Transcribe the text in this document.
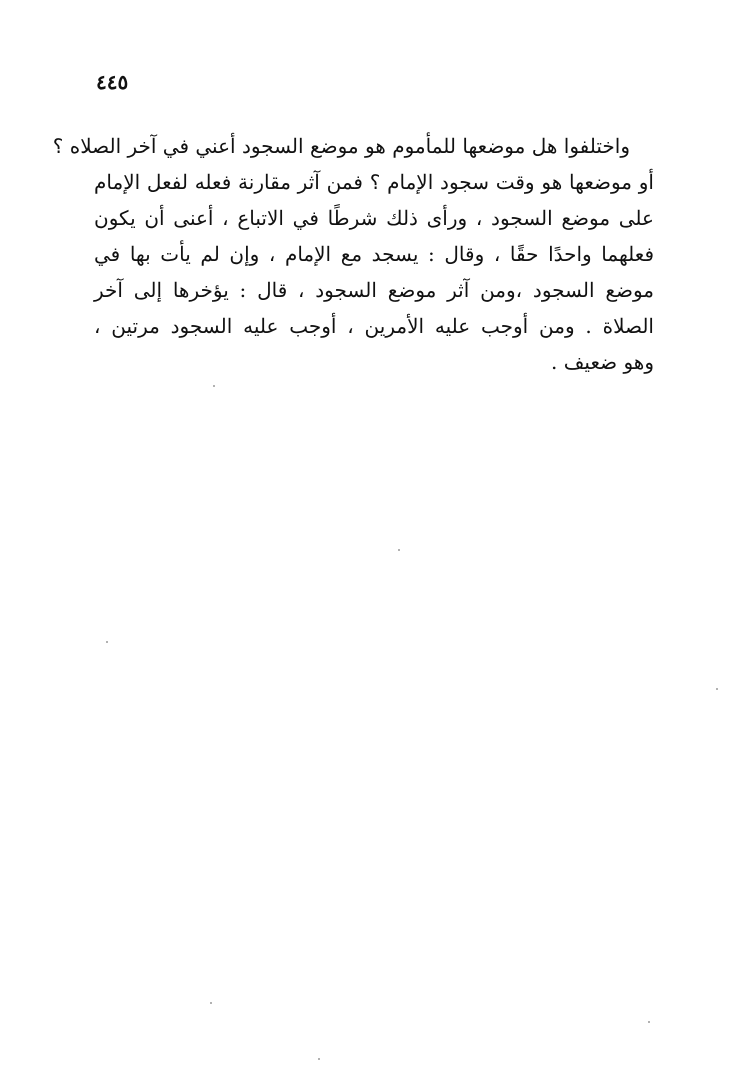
٤٤٥
واختلفوا هل موضعها للمأموم هو موضع السجود أعني في آخر الصلاه ؟
أو موضعها هو وقت سجود الإمام ؟ فمن آثر مقارنة فعله لفعل الإمام
على موضع السجود ، ورأى ذلك شرطًا في الاتباع ، أعنى أن يكون
فعلهما واحدًا حقًا ، وقال : يسجد مع الإمام ، وإن لم يأت بها في
موضع السجود ،ومن آثر موضع السجود ، قال : يؤخرها إلى آخر
الصلاة . ومن أوجب عليه الأمرين ، أوجب عليه السجود مرتين ،
وهو ضعيف .
